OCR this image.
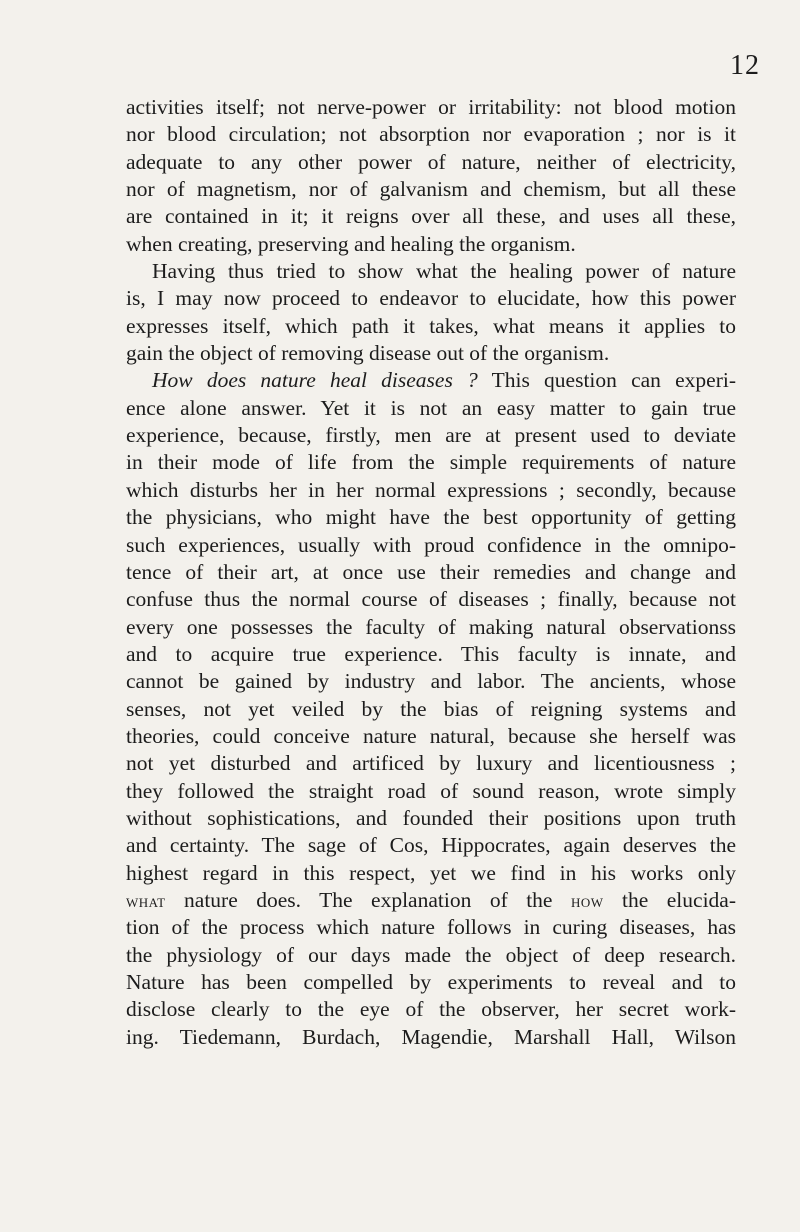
12
activities itself; not nerve-power or irritability: not blood motion
nor blood circulation; not absorption nor evaporation ; nor is it
adequate to any other power of nature, neither of electricity,
nor of magnetism, nor of galvanism and chemism, but all these
are contained in it; it reigns over all these, and uses all these,
when creating, preserving and healing the organism.
Having thus tried to show what the healing power of nature
is, I may now proceed to endeavor to elucidate, how this power
expresses itself, which path it takes, what means it applies to
gain the object of removing disease out of the organism.
How does nature heal diseases ? This question can experi-
ence alone answer. Yet it is not an easy matter to gain true
experience, because, firstly, men are at present used to deviate
in their mode of life from the simple requirements of nature
which disturbs her in her normal expressions ; secondly, because
the physicians, who might have the best opportunity of getting
such experiences, usually with proud confidence in the omnipo-
tence of their art, at once use their remedies and change and
confuse thus the normal course of diseases ; finally, because not
every one possesses the faculty of making natural observationss
and to acquire true experience. This faculty is innate, and
cannot be gained by industry and labor. The ancients, whose
senses, not yet veiled by the bias of reigning systems and
theories, could conceive nature natural, because she herself was
not yet disturbed and artificed by luxury and licentiousness ;
they followed the straight road of sound reason, wrote simply
without sophistications, and founded their positions upon truth
and certainty. The sage of Cos, Hippocrates, again deserves the
highest regard in this respect, yet we find in his works only
what nature does. The explanation of the how the elucida-
tion of the process which nature follows in curing diseases, has
the physiology of our days made the object of deep research.
Nature has been compelled by experiments to reveal and to
disclose clearly to the eye of the observer, her secret work-
ing. Tiedemann, Burdach, Magendie, Marshall Hall, Wilson
